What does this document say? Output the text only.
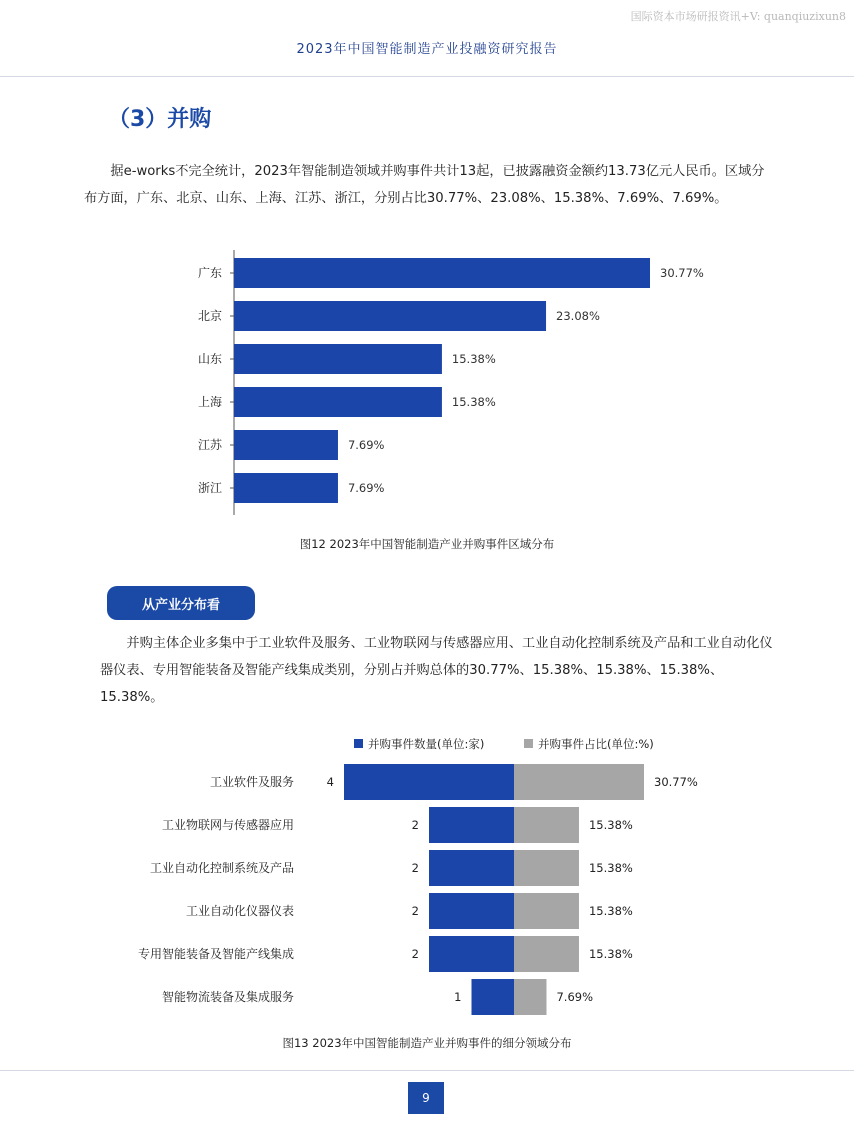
国际资本市场研报资讯+V: quanqiuzixun8
2023年中国智能制造产业投融资研究报告
（3）并购
据e-works不完全统计，2023年智能制造领域并购事件共计13起，已披露融资金额约13.73亿元人民币。区域分布方面，广东、北京、山东、上海、江苏、浙江，分别占比30.77%、23.08%、15.38%、7.69%、7.69%。
广东	30.77%
北京	23.08%
山东	15.38%
上海	15.38%
江苏	7.69%
浙江	7.69%
图12 2023年中国智能制造产业并购事件区域分布
从产业分布看
并购主体企业多集中于工业软件及服务、工业物联网与传感器应用、工业自动化控制系统及产品和工业自动化仪器仪表、专用智能装备及智能产线集成类别，分别占并购总体的30.77%、15.38%、15.38%、15.38%、15.38%。
并购事件数量(单位:家)	并购事件占比(单位:%)
工业软件及服务	4	30.77%
工业物联网与传感器应用	2	15.38%
工业自动化控制系统及产品	2	15.38%
工业自动化仪器仪表	2	15.38%
专用智能装备及智能产线集成	2	15.38%
智能物流装备及集成服务	1	7.69%
图13 2023年中国智能制造产业并购事件的细分领域分布
9
